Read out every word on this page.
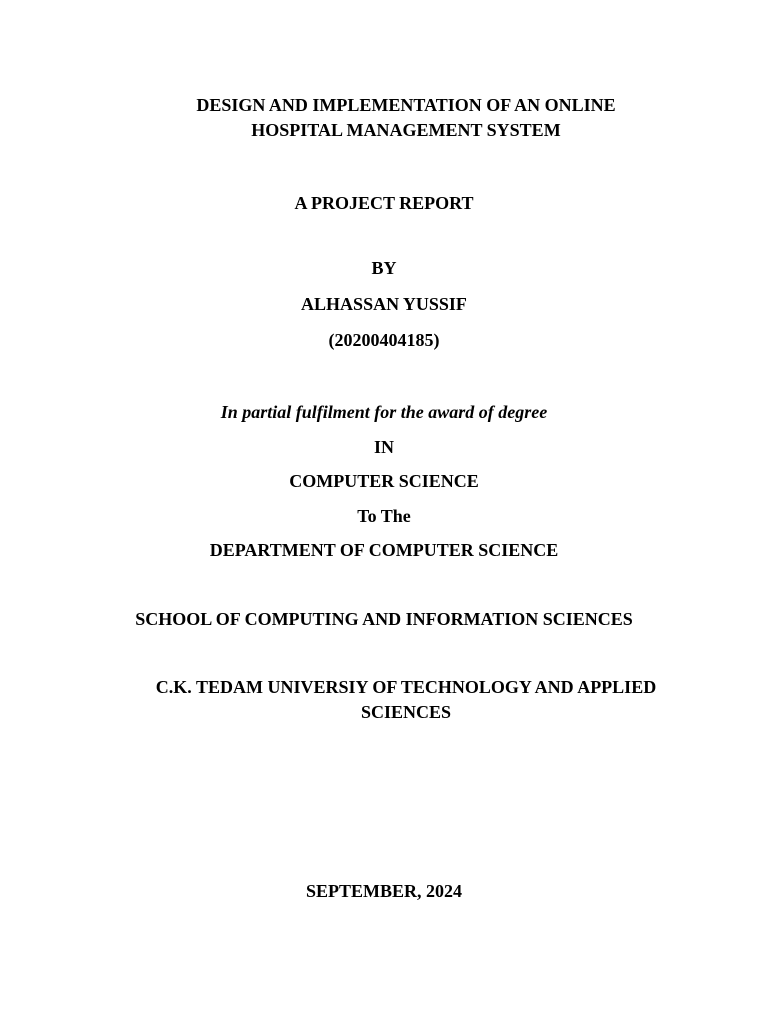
DESIGN AND IMPLEMENTATION OF AN ONLINE
HOSPITAL MANAGEMENT SYSTEM
A PROJECT REPORT
BY
ALHASSAN YUSSIF
(20200404185)
In partial fulfilment for the award of degree
IN
COMPUTER SCIENCE
To The
DEPARTMENT OF COMPUTER SCIENCE
SCHOOL OF COMPUTING AND INFORMATION SCIENCES
C.K. TEDAM UNIVERSIY OF TECHNOLOGY AND APPLIED
SCIENCES
SEPTEMBER, 2024
